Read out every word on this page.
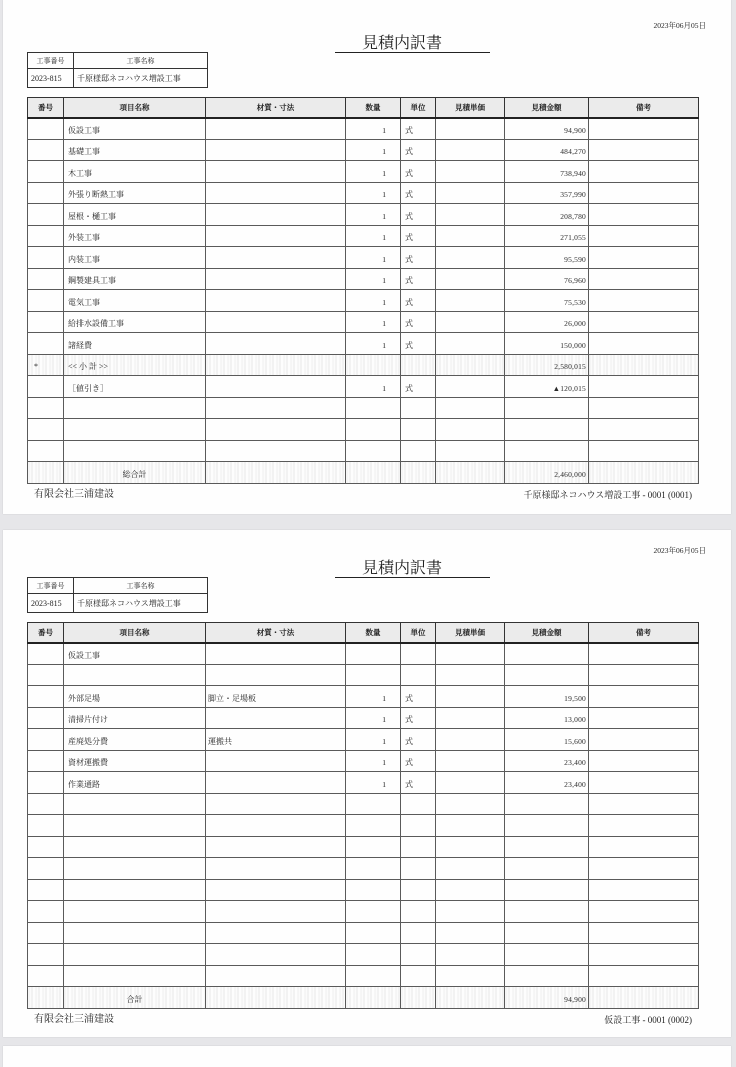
2023年06月05日
見積内訳書
工事番号	工事名称
2023-815	千原様邸ネコハウス増設工事
番号	項目名称	材質・寸法	数量	単位	見積単価	見積金額	備考
	仮設工事		1	式		94,900	
	基礎工事		1	式		484,270	
	木工事		1	式		738,940	
	外張り断熱工事		1	式		357,990	
	屋根・樋工事		1	式		208,780	
	外装工事		1	式		271,055	
	内装工事		1	式		95,590	
	鋼製建具工事		1	式		76,960	
	電気工事		1	式		75,530	
	給排水設備工事		1	式		26,000	
	諸経費		1	式		150,000	
*	<< 小 計 >>					2,580,015	
	［値引き］		1	式		▲120,015	

	総合計					2,460,000	
有限会社三浦建設	千原様邸ネコハウス増設工事 - 0001 (0001)
2023年06月05日
見積内訳書
工事番号	工事名称
2023-815	千原様邸ネコハウス増設工事
番号	項目名称	材質・寸法	数量	単位	見積単価	見積金額	備考
	仮設工事						

	外部足場	脚立・足場板	1	式		19,500	
	清掃片付け		1	式		13,000	
	産廃処分費	運搬共	1	式		15,600	
	資材運搬費		1	式		23,400	
	作業通路		1	式		23,400	

	合計					94,900	
有限会社三浦建設	仮設工事 - 0001 (0002)
